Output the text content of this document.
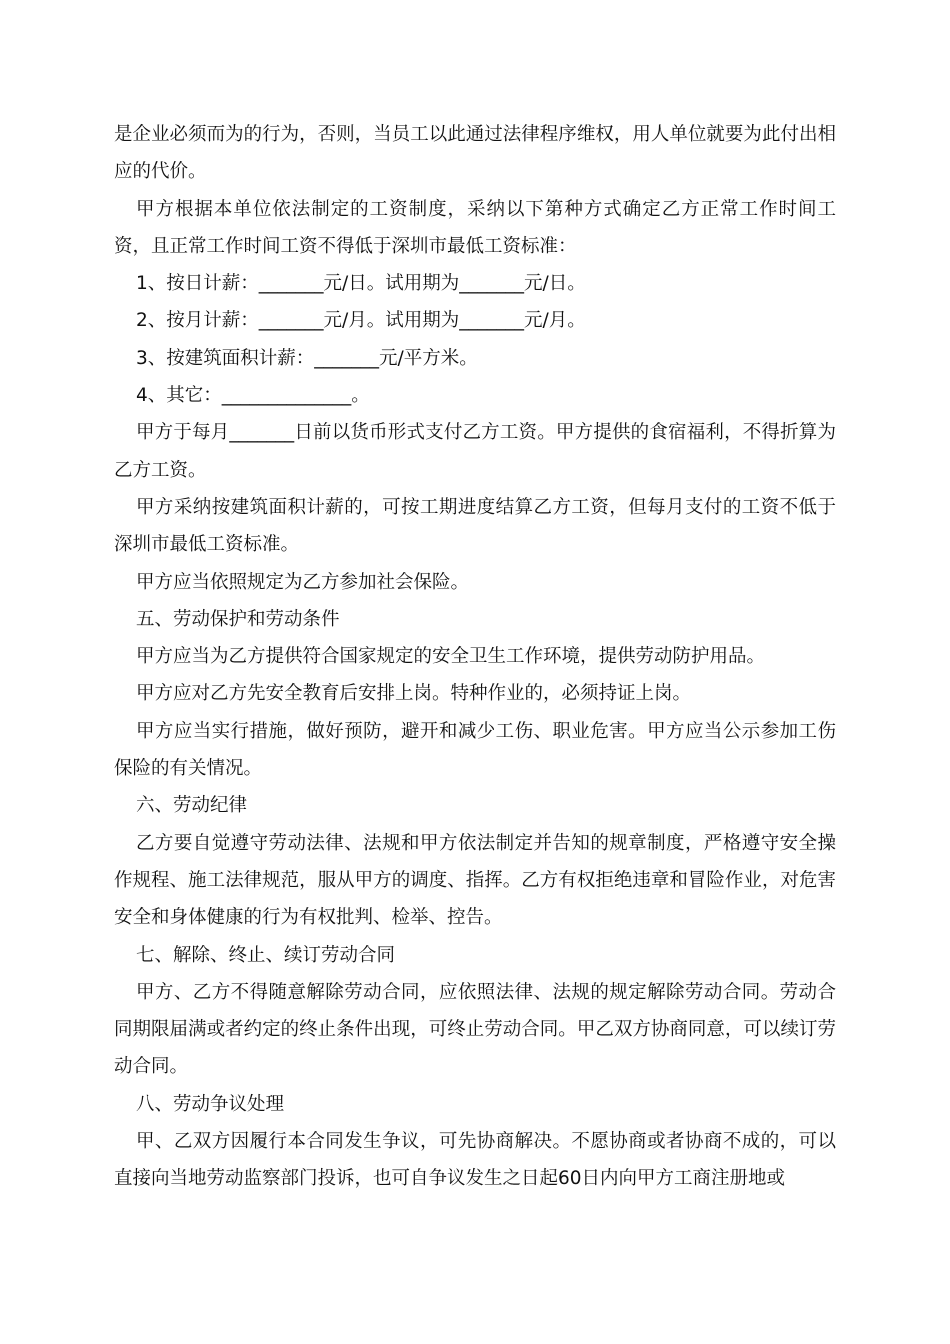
是企业必须而为的行为，否则，当员工以此通过法律程序维权，用人单位就要为此付出相应的代价。

甲方根据本单位依法制定的工资制度，采纳以下第种方式确定乙方正常工作时间工资，且正常工作时间工资不得低于深圳市最低工资标准：

1、按日计薪：_______元/日。试用期为_______元/日。

2、按月计薪：_______元/月。试用期为_______元/月。

3、按建筑面积计薪：_______元/平方米。

4、其它：______________。

甲方于每月_______日前以货币形式支付乙方工资。甲方提供的食宿福利，不得折算为乙方工资。

甲方采纳按建筑面积计薪的，可按工期进度结算乙方工资，但每月支付的工资不低于深圳市最低工资标准。

甲方应当依照规定为乙方参加社会保险。

五、劳动保护和劳动条件

甲方应当为乙方提供符合国家规定的安全卫生工作环境，提供劳动防护用品。

甲方应对乙方先安全教育后安排上岗。特种作业的，必须持证上岗。

甲方应当实行措施，做好预防，避开和减少工伤、职业危害。甲方应当公示参加工伤保险的有关情况。

六、劳动纪律

乙方要自觉遵守劳动法律、法规和甲方依法制定并告知的规章制度，严格遵守安全操作规程、施工法律规范，服从甲方的调度、指挥。乙方有权拒绝违章和冒险作业，对危害安全和身体健康的行为有权批判、检举、控告。

七、解除、终止、续订劳动合同

甲方、乙方不得随意解除劳动合同，应依照法律、法规的规定解除劳动合同。劳动合同期限届满或者约定的终止条件出现，可终止劳动合同。甲乙双方协商同意，可以续订劳动合同。

八、劳动争议处理

甲、乙双方因履行本合同发生争议，可先协商解决。不愿协商或者协商不成的，可以直接向当地劳动监察部门投诉，也可自争议发生之日起60日内向甲方工商注册地或
